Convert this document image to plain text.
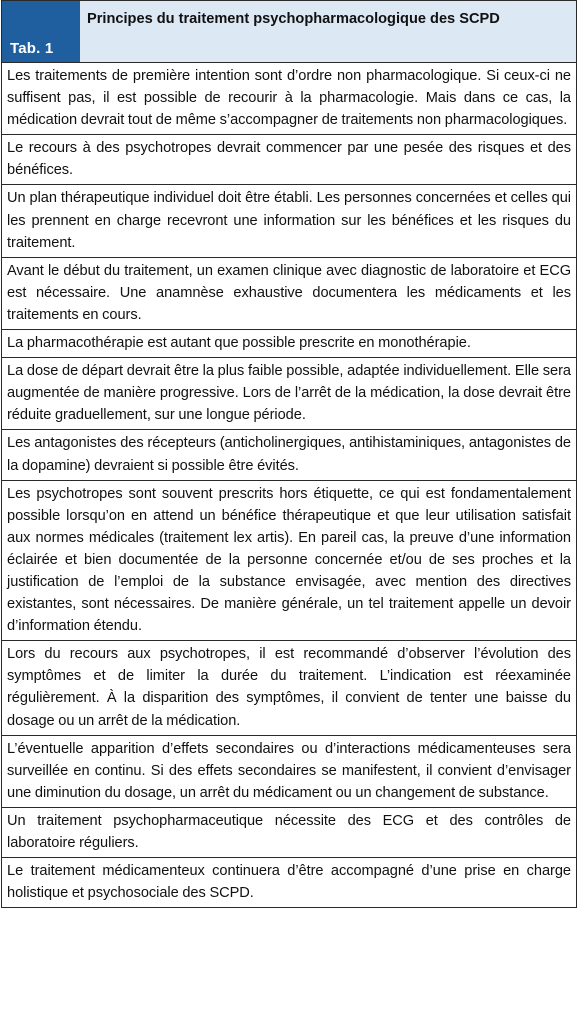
Tab. 1
Principes du traitement psychopharmacologique des SCPD
Les traitements de première intention sont d’ordre non pharmacologique. Si ceux-ci ne suffisent pas, il est possible de recourir à la pharmacologie. Mais dans ce cas, la médication devrait tout de même s’accompagner de traitements non pharmacologiques.
Le recours à des psychotropes devrait commencer par une pesée des risques et des bénéfices.
Un plan thérapeutique individuel doit être établi. Les personnes concernées et celles qui les prennent en charge recevront une information sur les bénéfices et les risques du traitement.
Avant le début du traitement, un examen clinique avec diagnostic de laboratoire et ECG est nécessaire. Une anamnèse exhaustive documentera les médicaments et les traitements en cours.
La pharmacothérapie est autant que possible prescrite en monothérapie.
La dose de départ devrait être la plus faible possible, adaptée individuellement. Elle sera augmentée de manière progressive. Lors de l’arrêt de la médication, la dose devrait être réduite graduellement, sur une longue période.
Les antagonistes des récepteurs (anticholinergiques, antihistaminiques, antagonistes de la dopamine) devraient si possible être évités.
Les psychotropes sont souvent prescrits hors étiquette, ce qui est fondamentalement possible lorsqu’on en attend un bénéfice thérapeutique et que leur utilisation satisfait aux normes médicales (traitement lex artis). En pareil cas, la preuve d’une information éclairée et bien documentée de la personne concernée et/ou de ses proches et la justification de l’emploi de la substance envisagée, avec mention des directives existantes, sont nécessaires. De manière générale, un tel traitement appelle un devoir d’information étendu.
Lors du recours aux psychotropes, il est recommandé d’observer l’évolution des symptômes et de limiter la durée du traitement. L’indication est réexaminée régulièrement. À la disparition des symptômes, il convient de tenter une baisse du dosage ou un arrêt de la médication.
L’éventuelle apparition d’effets secondaires ou d’interactions médicamenteuses sera surveillée en continu. Si des effets secondaires se manifestent, il convient d’envisager une diminution du dosage, un arrêt du médicament ou un changement de substance.
Un traitement psychopharmaceutique nécessite des ECG et des contrôles de laboratoire réguliers.
Le traitement médicamenteux continuera d’être accompagné d’une prise en charge holistique et psychosociale des SCPD.
